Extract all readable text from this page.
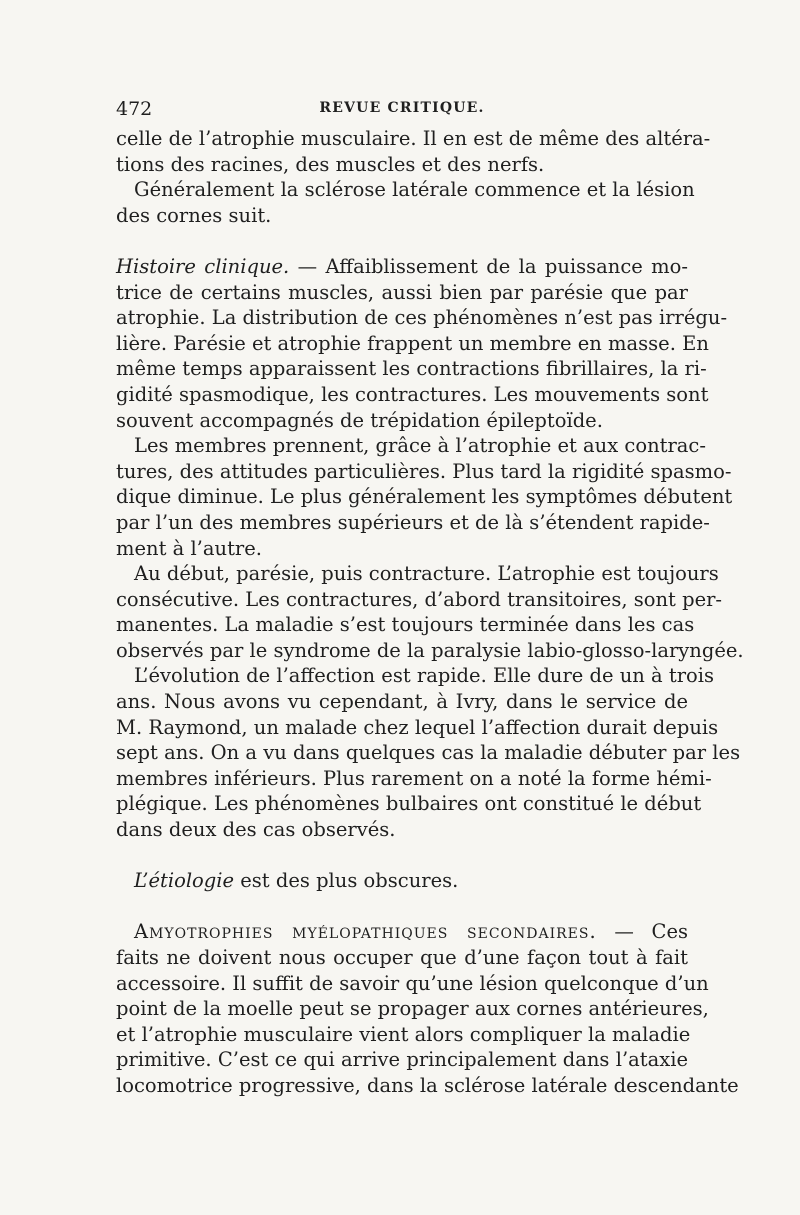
472	REVUE CRITIQUE.
celle de l’atrophie musculaire. Il en est de même des altéra-
tions des racines, des muscles et des nerfs.
Généralement la sclérose latérale commence et la lésion
des cornes suit.
Histoire clinique. — Affaiblissement de la puissance mo-
trice de certains muscles, aussi bien par parésie que par
atrophie. La distribution de ces phénomènes n’est pas irrégu-
lière. Parésie et atrophie frappent un membre en masse. En
même temps apparaissent les contractions fibrillaires, la ri-
gidité spasmodique, les contractures. Les mouvements sont
souvent accompagnés de trépidation épileptoïde.
Les membres prennent, grâce à l’atrophie et aux contrac-
tures, des attitudes particulières. Plus tard la rigidité spasmo-
dique diminue. Le plus généralement les symptômes débutent
par l’un des membres supérieurs et de là s’étendent rapide-
ment à l’autre.
Au début, parésie, puis contracture. L’atrophie est toujours
consécutive. Les contractures, d’abord transitoires, sont per-
manentes. La maladie s’est toujours terminée dans les cas
observés par le syndrome de la paralysie labio-glosso-laryngée.
L’évolution de l’affection est rapide. Elle dure de un à trois
ans. Nous avons vu cependant, à Ivry, dans le service de
M. Raymond, un malade chez lequel l’affection durait depuis
sept ans. On a vu dans quelques cas la maladie débuter par les
membres inférieurs. Plus rarement on a noté la forme hémi-
plégique. Les phénomènes bulbaires ont constitué le début
dans deux des cas observés.
L’étiologie est des plus obscures.
Amyotrophies myélopathiques secondaires. — Ces
faits ne doivent nous occuper que d’une façon tout à fait
accessoire. Il suffit de savoir qu’une lésion quelconque d’un
point de la moelle peut se propager aux cornes antérieures,
et l’atrophie musculaire vient alors compliquer la maladie
primitive. C’est ce qui arrive principalement dans l’ataxie
locomotrice progressive, dans la sclérose latérale descendante
